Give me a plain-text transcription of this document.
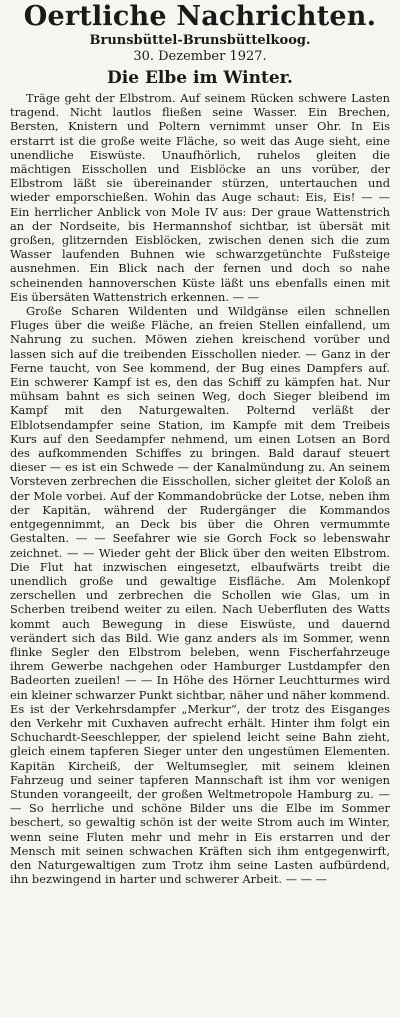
Oertliche Nachrichten.
Brunsbüttel-Brunsbüttelkoog.
30. Dezember 1927.
Die Elbe im Winter.

Träge geht der Elbstrom. Auf seinem Rücken schwere Lasten tragend. Nicht lautlos fließen seine Wasser. Ein Brechen, Bersten, Knistern und Poltern vernimmt unser Ohr. In Eis erstarrt ist die große weite Fläche, so weit das Auge sieht, eine unendliche Eiswüste. Unaufhörlich, ruhelos gleiten die mächtigen Eisschollen und Eisblöcke an uns vorüber, der Elbstrom läßt sie übereinander stürzen, untertauchen und wieder emporschießen. Wohin das Auge schaut: Eis, Eis! — — Ein herrlicher Anblick von Mole IV aus: Der graue Wattenstrich an der Nordseite, bis Hermannshof sichtbar, ist übersät mit großen, glitzernden Eisblöcken, zwischen denen sich die zum Wasser laufenden Buhnen wie schwarzgetünchte Fußsteige ausnehmen. Ein Blick nach der fernen und doch so nahe scheinenden hannoverschen Küste läßt uns ebenfalls einen mit Eis übersäten Wattenstrich erkennen. — —

Große Scharen Wildenten und Wildgänse eilen schnellen Fluges über die weiße Fläche, an freien Stellen einfallend, um Nahrung zu suchen. Möwen ziehen kreischend vorüber und lassen sich auf die treibenden Eisschollen nieder. — Ganz in der Ferne taucht, von See kommend, der Bug eines Dampfers auf. Ein schwerer Kampf ist es, den das Schiff zu kämpfen hat. Nur mühsam bahnt es sich seinen Weg, doch Sieger bleibend im Kampf mit den Naturgewalten. Polternd verläßt der Elblotsendampfer seine Station, im Kampfe mit dem Treibeis Kurs auf den Seedampfer nehmend, um einen Lotsen an Bord des aufkommenden Schiffes zu bringen. Bald darauf steuert dieser — es ist ein Schwede — der Kanalmündung zu. An seinem Vorsteven zerbrechen die Eisschollen, sicher gleitet der Koloß an der Mole vorbei. Auf der Kommandobrücke der Lotse, neben ihm der Kapitän, während der Rudergänger die Kommandos entgegennimmt, an Deck bis über die Ohren vermummte Gestalten. — — Seefahrer wie sie Gorch Fock so lebenswahr zeichnet. — — Wieder geht der Blick über den weiten Elbstrom. Die Flut hat inzwischen eingesetzt, elbaufwärts treibt die unendlich große und gewaltige Eisfläche. Am Molenkopf zerschellen und zerbrechen die Schollen wie Glas, um in Scherben treibend weiter zu eilen. Nach Ueberfluten des Watts kommt auch Bewegung in diese Eiswüste, und dauernd verändert sich das Bild. Wie ganz anders als im Sommer, wenn flinke Segler den Elbstrom beleben, wenn Fischerfahrzeuge ihrem Gewerbe nachgehen oder Hamburger Lustdampfer den Badeorten zueilen! — — In Höhe des Hörner Leuchtturmes wird ein kleiner schwarzer Punkt sichtbar, näher und näher kommend. Es ist der Verkehrsdampfer „Merkur“, der trotz des Eisganges den Verkehr mit Cuxhaven aufrecht erhält. Hinter ihm folgt ein Schuchardt-Seeschlepper, der spielend leicht seine Bahn zieht, gleich einem tapferen Sieger unter den ungestümen Elementen. Kapitän Kircheiß, der Weltumsegler, mit seinem kleinen Fahrzeug und seiner tapferen Mannschaft ist ihm vor wenigen Stunden vorangeeilt, der großen Weltmetropole Hamburg zu. — — So herrliche und schöne Bilder uns die Elbe im Sommer beschert, so gewaltig schön ist der weite Strom auch im Winter, wenn seine Fluten mehr und mehr in Eis erstarren und der Mensch mit seinen schwachen Kräften sich ihm entgegenwirft, den Naturgewaltigen zum Trotz ihm seine Lasten aufbürdend, ihn bezwingend in harter und schwerer Arbeit. — — —
